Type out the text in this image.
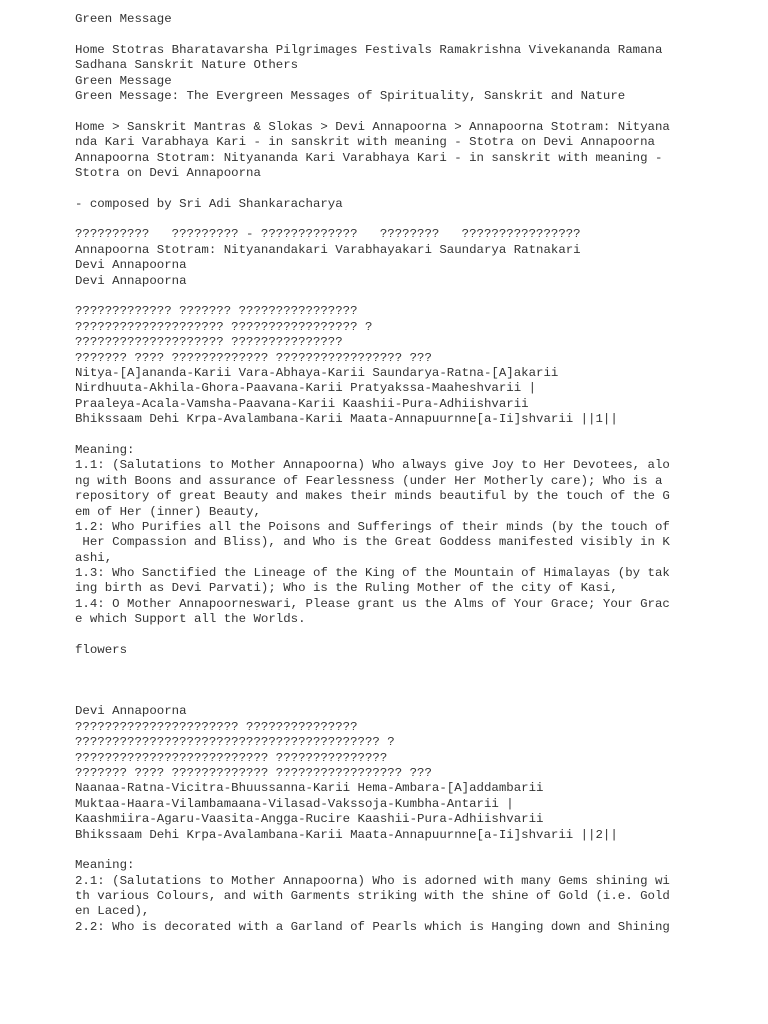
Green Message
Home Stotras Bharatavarsha Pilgrimages Festivals Ramakrishna Vivekananda Ramana
Sadhana Sanskrit Nature Others
Green Message
Green Message: The Evergreen Messages of Spirituality, Sanskrit and Nature
Home > Sanskrit Mantras & Slokas > Devi Annapoorna > Annapoorna Stotram: Nityana
nda Kari Varabhaya Kari - in sanskrit with meaning - Stotra on Devi Annapoorna
Annapoorna Stotram: Nityananda Kari Varabhaya Kari - in sanskrit with meaning -
Stotra on Devi Annapoorna
- composed by Sri Adi Shankaracharya
??????????   ????????? - ?????????????   ????????   ????????????????
Annapoorna Stotram: Nityanandakari Varabhayakari Saundarya Ratnakari
Devi Annapoorna
Devi Annapoorna
????????????? ??????? ????????????????
???????????????????? ????????????????? ?
???????????????????? ???????????????
??????? ???? ????????????? ????????????????? ???
Nitya-[A]ananda-Karii Vara-Abhaya-Karii Saundarya-Ratna-[A]akarii
Nirdhuuta-Akhila-Ghora-Paavana-Karii Pratyakssa-Maaheshvarii |
Praaleya-Acala-Vamsha-Paavana-Karii Kaashii-Pura-Adhiishvarii
Bhikssaam Dehi Krpa-Avalambana-Karii Maata-Annapuurnne[a-Ii]shvarii ||1||
Meaning:
1.1: (Salutations to Mother Annapoorna) Who always give Joy to Her Devotees, alo
ng with Boons and assurance of Fearlessness (under Her Motherly care); Who is a
repository of great Beauty and makes their minds beautiful by the touch of the G
em of Her (inner) Beauty,
1.2: Who Purifies all the Poisons and Sufferings of their minds (by the touch of
Her Compassion and Bliss), and Who is the Great Goddess manifested visibly in K
ashi,
1.3: Who Sanctified the Lineage of the King of the Mountain of Himalayas (by tak
ing birth as Devi Parvati); Who is the Ruling Mother of the city of Kasi,
1.4: O Mother Annapoorneswari, Please grant us the Alms of Your Grace; Your Grac
e which Support all the Worlds.
flowers
Devi Annapoorna
?????????????????????? ???????????????
????????????????????????????????????????? ?
?????????????????????????? ???????????????
??????? ???? ????????????? ????????????????? ???
Naanaa-Ratna-Vicitra-Bhuussanna-Karii Hema-Ambara-[A]addambarii
Muktaa-Haara-Vilambamaana-Vilasad-Vakssoja-Kumbha-Antarii |
Kaashmiira-Agaru-Vaasita-Angga-Rucire Kaashii-Pura-Adhiishvarii
Bhikssaam Dehi Krpa-Avalambana-Karii Maata-Annapuurnne[a-Ii]shvarii ||2||
Meaning:
2.1: (Salutations to Mother Annapoorna) Who is adorned with many Gems shining wi
th various Colours, and with Garments striking with the shine of Gold (i.e. Gold
en Laced),
2.2: Who is decorated with a Garland of Pearls which is Hanging down and Shining
